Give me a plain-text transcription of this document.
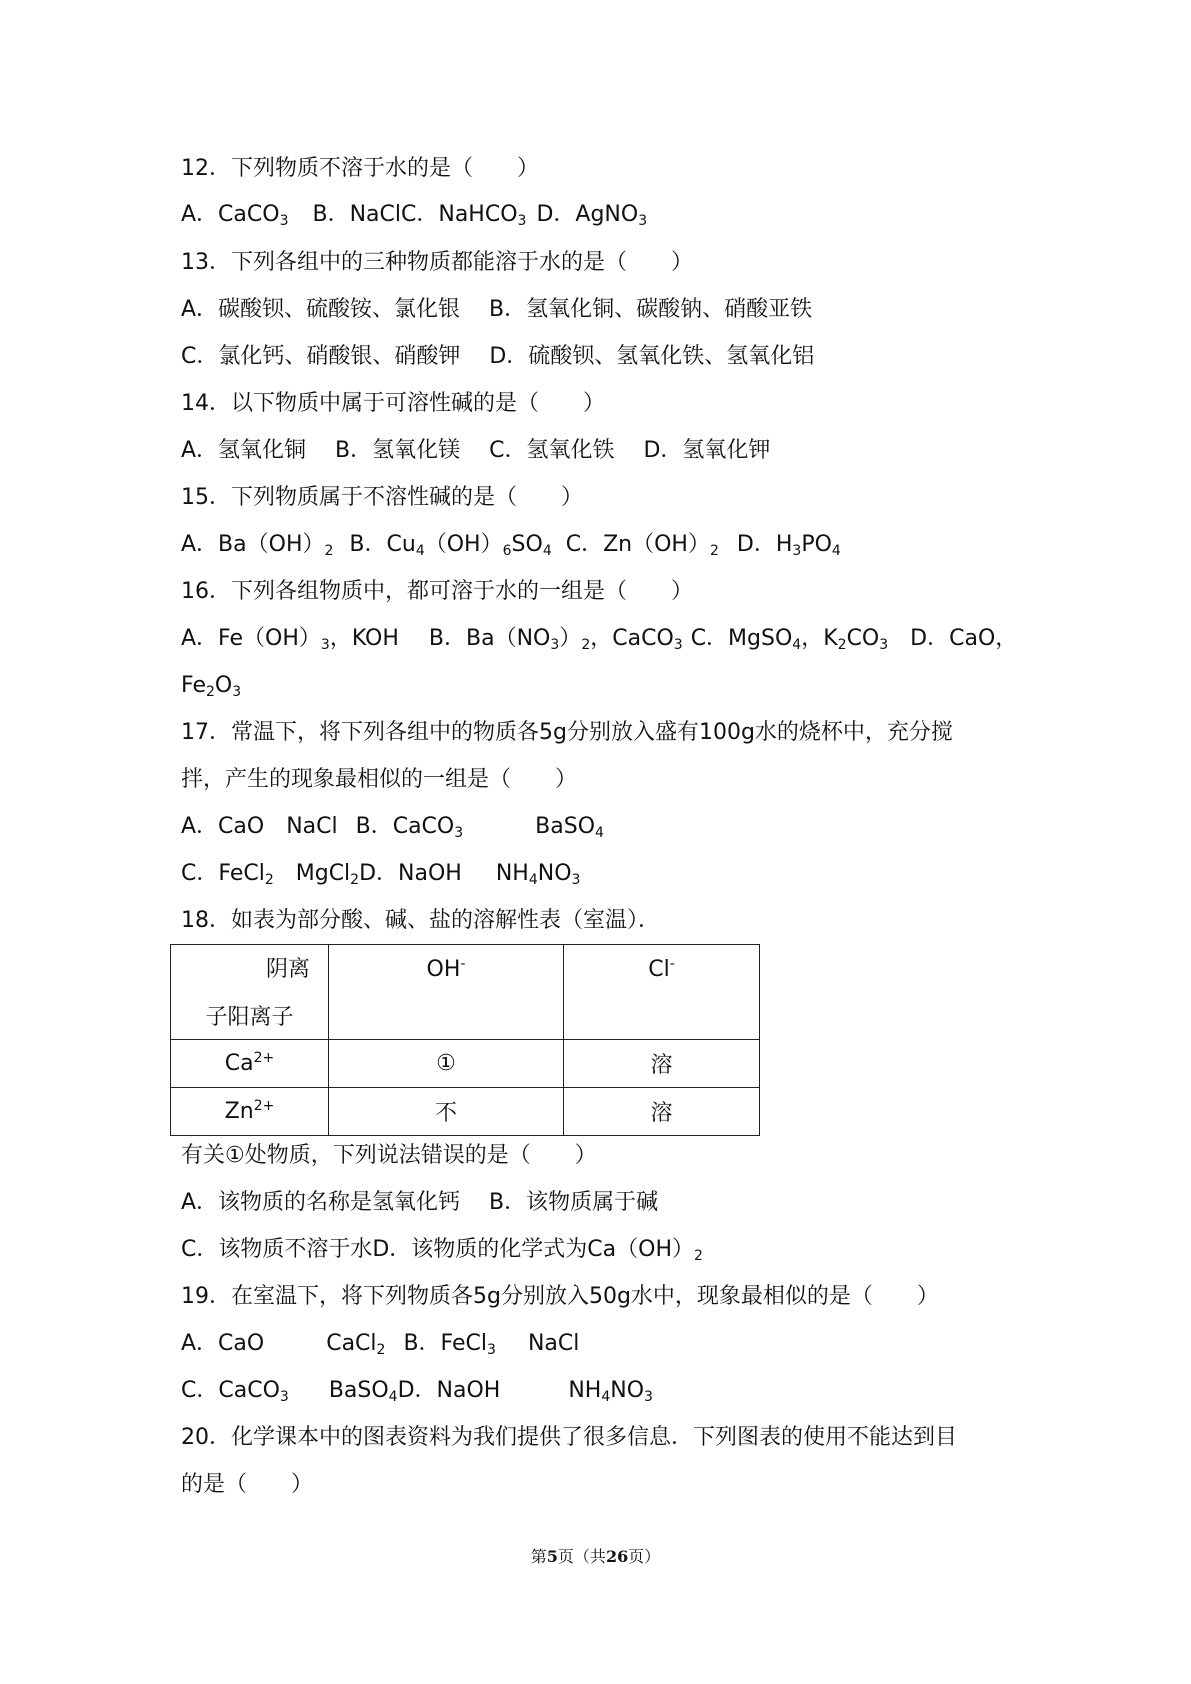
12．下列物质不溶于水的是（　　）
A．CaCO$_3$ B．NaClC．NaHCO$_3$ D．AgNO$_3$
13．下列各组中的三种物质都能溶于水的是（　　）
A．碳酸钡、硫酸铵、氯化银　 B．氢氧化铜、碳酸钠、硝酸亚铁
C．氯化钙、硝酸银、硝酸钾　 D．硫酸钡、氢氧化铁、氢氧化铝
14．以下物质中属于可溶性碱的是（　　）
A．氢氧化铜　 B．氢氧化镁　 C．氢氧化铁　 D．氢氧化钾
15．下列物质属于不溶性碱的是（　　）
A．$Ba(OH)_2$ B．$Cu_4(OH)_6SO_4$ C．$Zn(OH)_2$ D．$H_3PO_4$
16．下列各组物质中，都可溶于水的一组是（　　）
A．$Fe(OH)_3$，KOH B．$Ba(NO_3)_2$，CaCO$_3$ C．MgSO$_4$，$K_2CO_3$ D．CaO，
$Fe_2O_3$
17．常温下，将下列各组中的物质各5g分别放入盛有100g水的烧杯中，充分搅
拌，产生的现象最相似的一组是（　　）
A．CaO　NaCl B．CaCO$_3$	BaSO$_4$
C．FeCl$_2$ MgCl$_2$D．NaOH $NH_4NO_3$
18．如表为部分酸、碱、盐的溶解性表（室温）．
阴离
子阳离子	OH-	Cl-
$Ca^{2+}$	①	溶
$Zn^{2+}$	不	溶
有关①处物质，下列说法错误的是（　　）
A．该物质的名称是氢氧化钙　 B．该物质属于碱
C．该物质不溶于水D．该物质的化学式为$Ca(OH)_2$
19．在室温下，将下列物质各5g分别放入50g水中，现象最相似的是（　　）
A．CaO	CaCl$_2$ B．FeCl$_3$ NaCl
C．CaCO$_3$ BaSO$_4$D．NaOH	$NH_4NO_3$
20．化学课本中的图表资料为我们提供了很多信息．下列图表的使用不能达到目
的是（　　）
第5页（共26页）
